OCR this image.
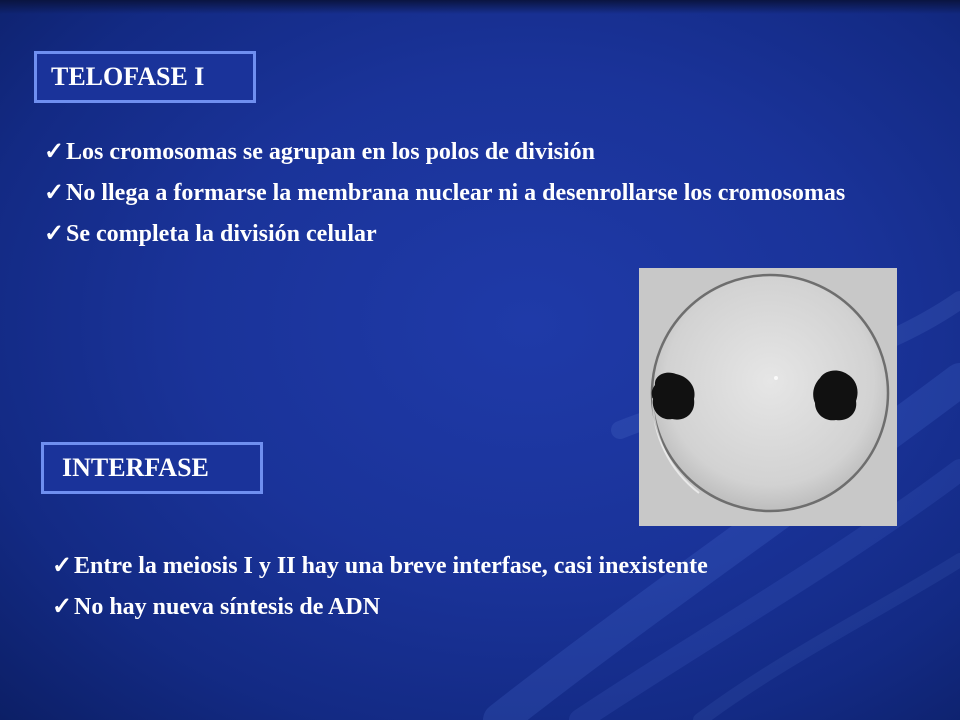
TELOFASE I
✓Los cromosomas se agrupan en los polos de división
✓No llega a formarse la membrana nuclear ni a desenrollarse los cromosomas
✓Se completa la división celular
INTERFASE
✓Entre la meiosis I y II hay una breve interfase, casi inexistente
✓No hay nueva síntesis de ADN
